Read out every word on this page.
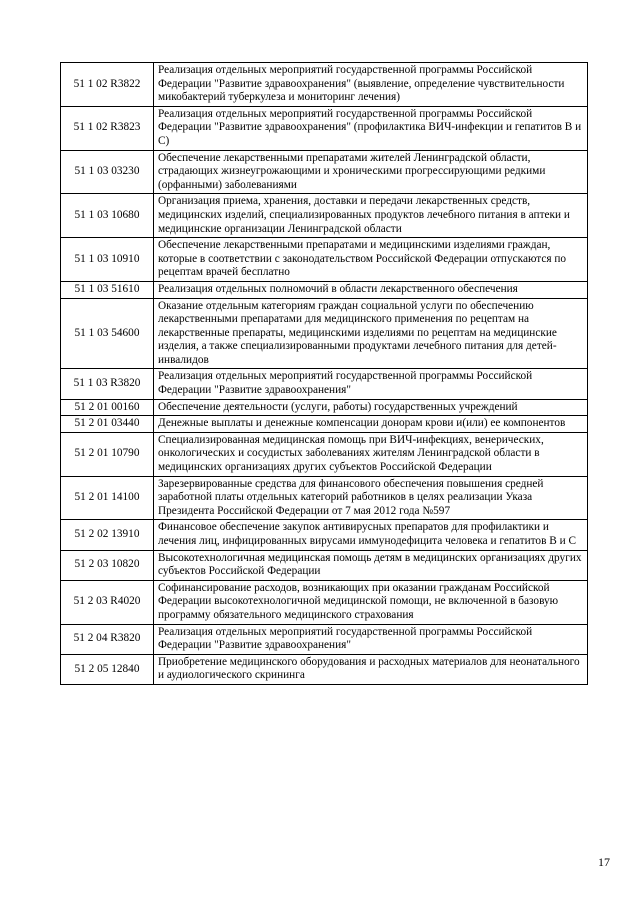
51 1 02 R3822	Реализация отдельных мероприятий государственной программы Российской Федерации "Развитие здравоохранения" (выявление, определение чувствительности микобактерий туберкулеза и мониторинг лечения)
51 1 02 R3823	Реализация отдельных мероприятий государственной программы Российской Федерации "Развитие здравоохранения" (профилактика ВИЧ-инфекции и гепатитов В и С)
51 1 03 03230	Обеспечение лекарственными препаратами жителей Ленинградской области, страдающих жизнеугрожающими и хроническими прогрессирующими редкими (орфанными) заболеваниями
51 1 03 10680	Организация приема, хранения, доставки и передачи лекарственных средств, медицинских изделий, специализированных продуктов лечебного питания в аптеки и медицинские организации Ленинградской области
51 1 03 10910	Обеспечение лекарственными препаратами и медицинскими изделиями граждан, которые в соответствии с законодательством Российской Федерации отпускаются по рецептам врачей бесплатно
51 1 03 51610	Реализация отдельных полномочий в области лекарственного обеспечения
51 1 03 54600	Оказание отдельным категориям граждан социальной услуги по обеспечению лекарственными препаратами для медицинского применения по рецептам на лекарственные препараты, медицинскими изделиями по рецептам на медицинские изделия, а также специализированными продуктами лечебного питания для детей-инвалидов
51 1 03 R3820	Реализация отдельных мероприятий государственной программы Российской Федерации "Развитие здравоохранения"
51 2 01 00160	Обеспечение деятельности (услуги, работы) государственных учреждений
51 2 01 03440	Денежные выплаты и денежные компенсации донорам крови и(или) ее компонентов
51 2 01 10790	Специализированная медицинская помощь при ВИЧ-инфекциях, венерических, онкологических и сосудистых заболеваниях жителям Ленинградской области в медицинских организациях других субъектов Российской Федерации
51 2 01 14100	Зарезервированные средства для финансового обеспечения повышения средней заработной платы отдельных категорий работников в целях реализации Указа Президента Российской Федерации от 7 мая 2012 года №597
51 2 02 13910	Финансовое обеспечение закупок антивирусных препаратов для профилактики и лечения лиц, инфицированных вирусами иммунодефицита человека и гепатитов В и С
51 2 03 10820	Высокотехнологичная медицинская помощь детям в медицинских организациях других субъектов Российской Федерации
51 2 03 R4020	Софинансирование расходов, возникающих при оказании гражданам Российской Федерации высокотехнологичной медицинской помощи, не включенной в базовую программу обязательного медицинского страхования
51 2 04 R3820	Реализация отдельных мероприятий государственной программы Российской Федерации "Развитие здравоохранения"
51 2 05 12840	Приобретение медицинского оборудования и расходных материалов для неонатального и аудиологического скрининга
17
